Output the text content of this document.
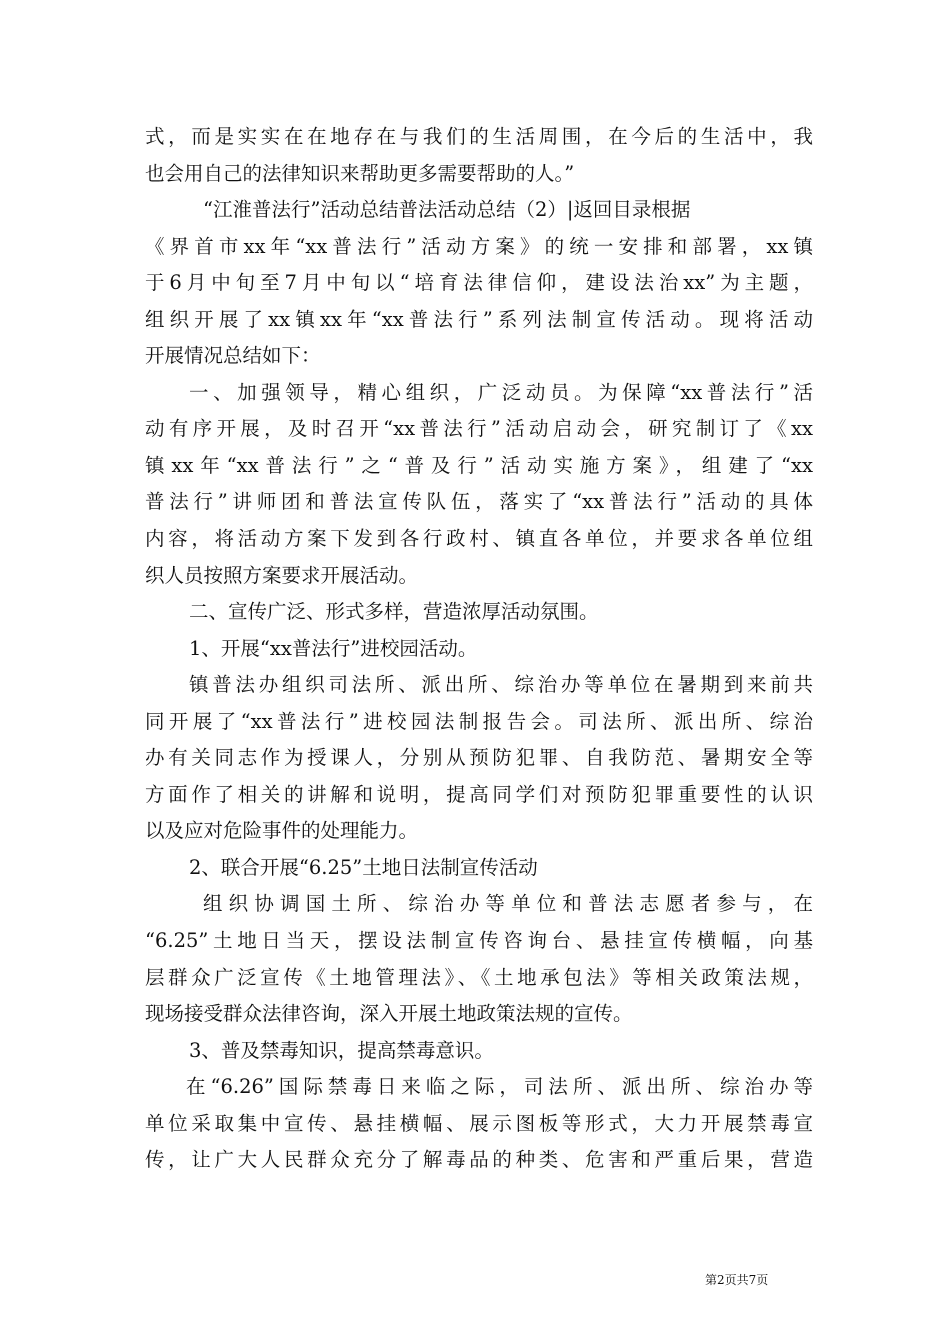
式，而是实实在在地存在与我们的生活周围，在今后的生活中，我
也会用自己的法律知识来帮助更多需要帮助的人。”
“江淮普法行”活动总结普法活动总结（2）|返回目录根据
《界首市xx年“xx普法行”活动方案》的统一安排和部署，xx镇
于6月中旬至7月中旬以“培育法律信仰，建设法治xx”为主题，
组织开展了xx镇xx年“xx普法行”系列法制宣传活动。现将活动
开展情况总结如下：
一、加强领导，精心组织，广泛动员。为保障“xx普法行”活
动有序开展，及时召开“xx普法行”活动启动会，研究制订了《xx
镇xx年“xx普法行”之“普及行”活动实施方案》，组建了“xx
普法行”讲师团和普法宣传队伍，落实了“xx普法行”活动的具体
内容，将活动方案下发到各行政村、镇直各单位，并要求各单位组
织人员按照方案要求开展活动。
二、宣传广泛、形式多样，营造浓厚活动氛围。
1、开展“xx普法行”进校园活动。
镇普法办组织司法所、派出所、综治办等单位在暑期到来前共
同开展了“xx普法行”进校园法制报告会。司法所、派出所、综治
办有关同志作为授课人，分别从预防犯罪、自我防范、暑期安全等
方面作了相关的讲解和说明，提高同学们对预防犯罪重要性的认识
以及应对危险事件的处理能力。
2、联合开展“6.25”土地日法制宣传活动
组织协调国土所、综治办等单位和普法志愿者参与，在
“6.25”土地日当天，摆设法制宣传咨询台、悬挂宣传横幅，向基
层群众广泛宣传《土地管理法》、《土地承包法》等相关政策法规，
现场接受群众法律咨询，深入开展土地政策法规的宣传。
3、普及禁毒知识，提高禁毒意识。
在“6.26”国际禁毒日来临之际，司法所、派出所、综治办等
单位采取集中宣传、悬挂横幅、展示图板等形式，大力开展禁毒宣
传，让广大人民群众充分了解毒品的种类、危害和严重后果，营造
第2页共7页
